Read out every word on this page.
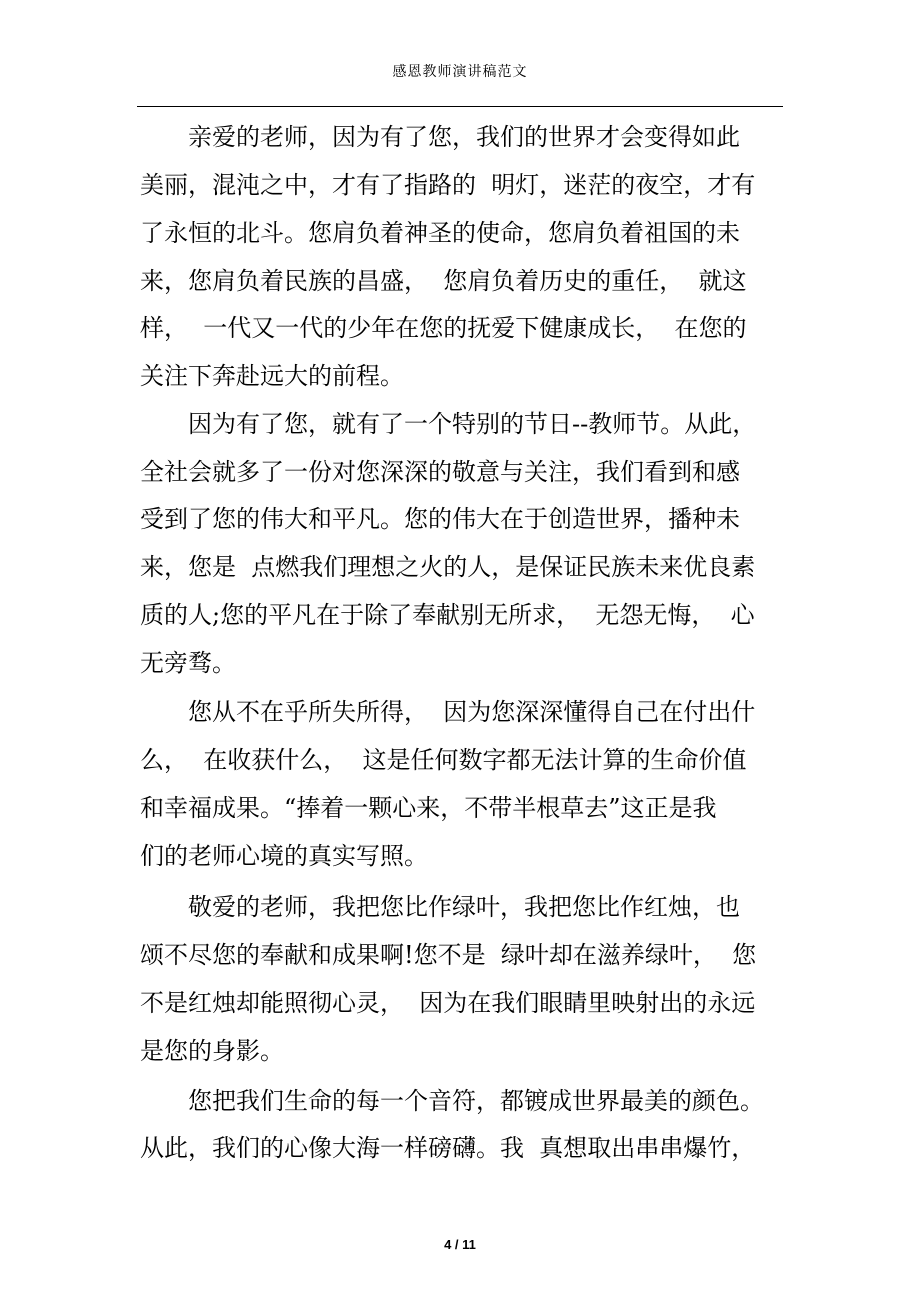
感恩教师演讲稿范文
亲爱的老师，因为有了您，我们的世界才会变得如此
美丽，混沌之中，才有了指路的  明灯，迷茫的夜空，才有
了永恒的北斗。您肩负着神圣的使命，您肩负着祖国的未
来，您肩负着民族的昌盛，  您肩负着历史的重任，  就这
样，  一代又一代的少年在您的抚爱下健康成长，  在您的
关注下奔赴远大的前程。
因为有了您，就有了一个特别的节日--教师节。从此，
全社会就多了一份对您深深的敬意与关注，我们看到和感
受到了您的伟大和平凡。您的伟大在于创造世界，播种未
来，您是  点燃我们理想之火的人，是保证民族未来优良素
质的人;您的平凡在于除了奉献别无所求，  无怨无悔，  心
无旁骛。
您从不在乎所失所得，  因为您深深懂得自己在付出什
么，  在收获什么，  这是任何数字都无法计算的生命价值
和幸福成果。“捧着一颗心来，不带半根草去”这正是我
们的老师心境的真实写照。
敬爱的老师，我把您比作绿叶，我把您比作红烛，也
颂不尽您的奉献和成果啊!您不是  绿叶却在滋养绿叶，  您
不是红烛却能照彻心灵，  因为在我们眼睛里映射出的永远
是您的身影。
您把我们生命的每一个音符，都镀成世界最美的颜色。
从此，我们的心像大海一样磅礴。我  真想取出串串爆竹，
4 / 11
